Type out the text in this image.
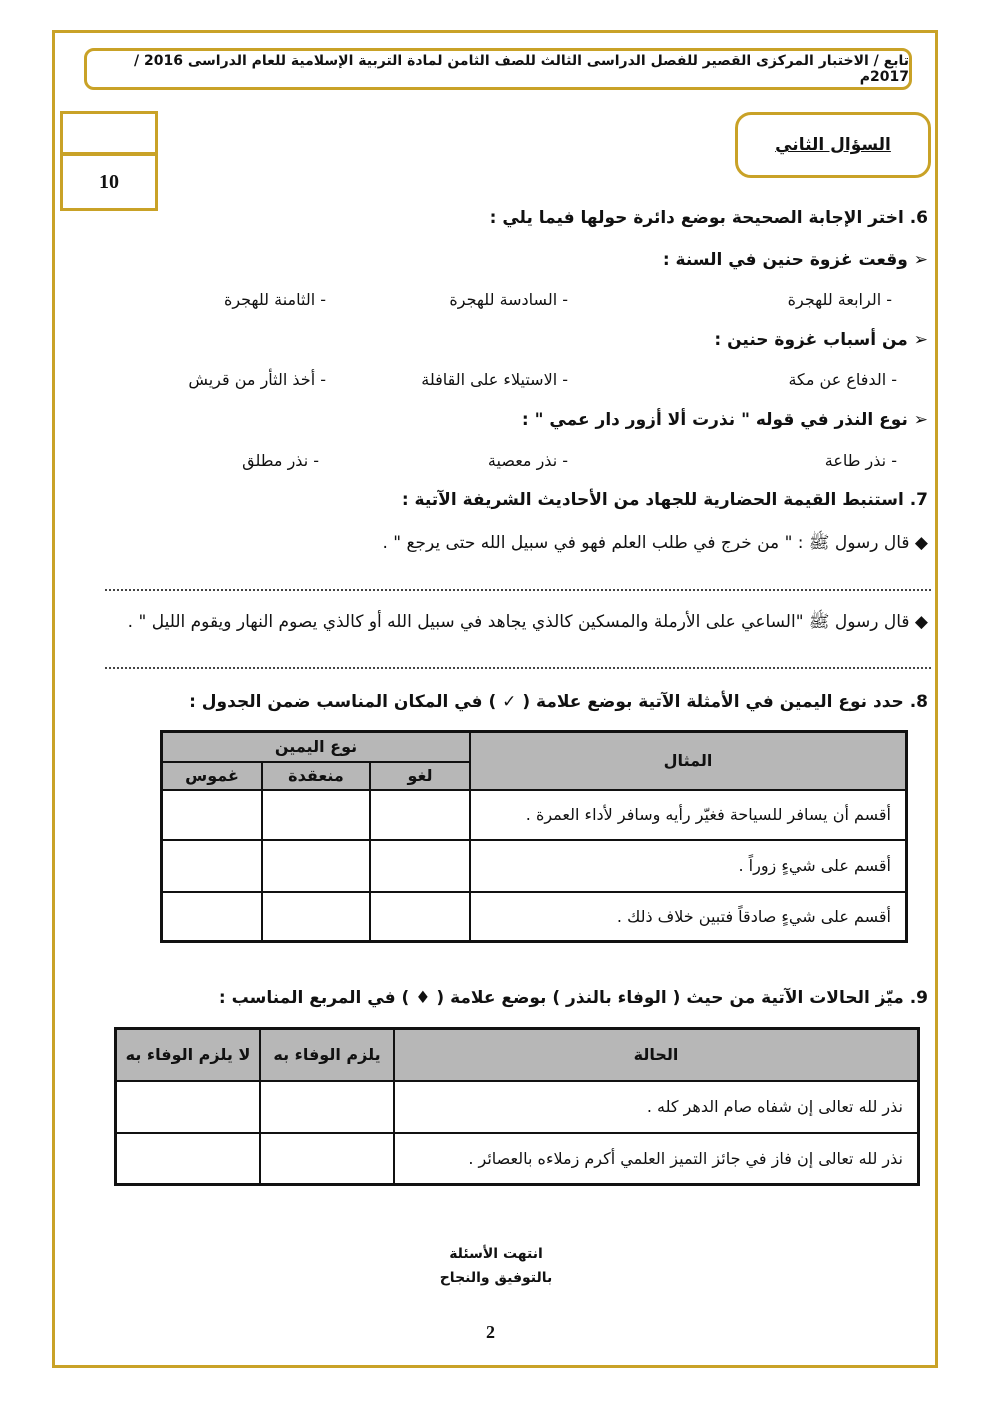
تابع / الاختبار المركزى القصير للفصل الدراسى الثالث للصف الثامن لمادة التربية الإسلامية للعام الدراسى 2016 / 2017م
10
السؤال الثاني
6. اختر الإجابة الصحيحة بوضع دائرة حولها فيما يلي :
➢ وقعت غزوة حنين في السنة :
- الرابعة للهجرة
- السادسة للهجرة
- الثامنة للهجرة
➢ من أسباب غزوة حنين :
- الدفاع عن مكة
- الاستيلاء على القافلة
- أخذ الثأر من قريش
➢ نوع النذر في قوله " نذرت ألا أزور دار عمي " :
- نذر طاعة
- نذر معصية
- نذر مطلق
7. استنبط القيمة الحضارية للجهاد من الأحاديث الشريفة الآتية :
◆ قال رسول ﷺ : " من خرج في طلب العلم فهو في سبيل الله حتى يرجع " .
◆ قال رسول ﷺ "الساعي على الأرملة والمسكين كالذي يجاهد في سبيل الله أو كالذي يصوم النهار ويقوم الليل " .
8. حدد نوع اليمين في الأمثلة الآتية بوضع علامة ( ✓ ) في المكان المناسب ضمن الجدول :
المثال	نوع اليمين		
	لغو	منعقدة	غموس
أقسم أن يسافر للسياحة فغيّر رأيه وسافر لأداء العمرة .			
أقسم على شيءٍ زوراً .			
أقسم على شيءٍ صادقاً فتبين خلاف ذلك .			
9. ميّز الحالات الآتية من حيث ( الوفاء بالنذر ) بوضع علامة ( ♦ ) في المربع المناسب :
الحالة	يلزم الوفاء به	لا يلزم الوفاء به
نذر لله تعالى إن شفاه صام الدهر كله .		
نذر لله تعالى إن فاز في جائز التميز العلمي أكرم زملاءه بالعصائر .		
انتهت الأسئلة
بالتوفيق والنجاح
2
